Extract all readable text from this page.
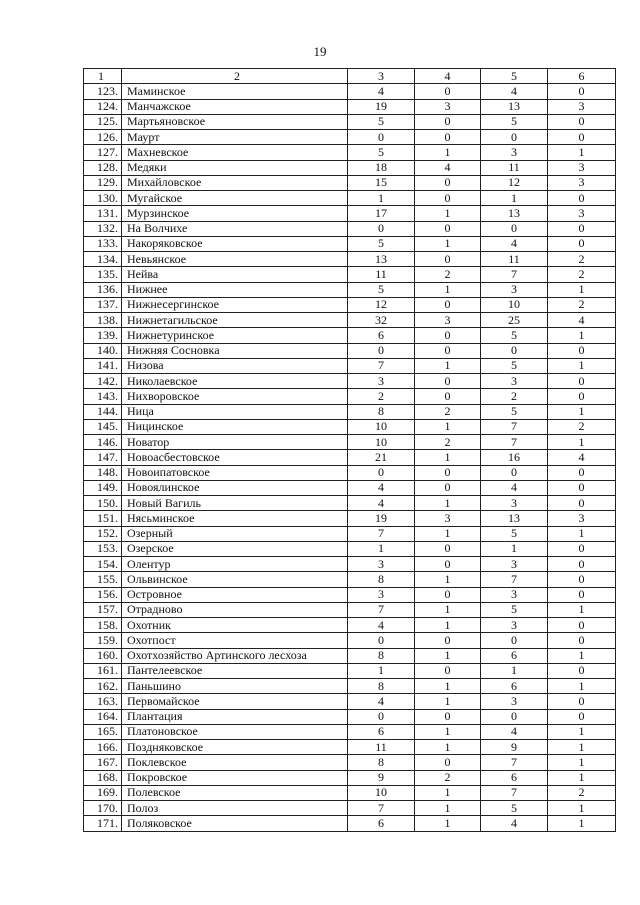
19
1	2	3	4	5	6
123.	Маминское	4	0	4	0
124.	Манчажское	19	3	13	3
125.	Мартьяновское	5	0	5	0
126.	Маурт	0	0	0	0
127.	Махневское	5	1	3	1
128.	Медяки	18	4	11	3
129.	Михайловское	15	0	12	3
130.	Мугайское	1	0	1	0
131.	Мурзинское	17	1	13	3
132.	На Волчихе	0	0	0	0
133.	Накоряковское	5	1	4	0
134.	Невьянское	13	0	11	2
135.	Нейва	11	2	7	2
136.	Нижнее	5	1	3	1
137.	Нижнесергинское	12	0	10	2
138.	Нижнетагильское	32	3	25	4
139.	Нижнетуринское	6	0	5	1
140.	Нижняя Сосновка	0	0	0	0
141.	Низова	7	1	5	1
142.	Николаевское	3	0	3	0
143.	Нихворовское	2	0	2	0
144.	Ница	8	2	5	1
145.	Ницинское	10	1	7	2
146.	Новатор	10	2	7	1
147.	Новоасбестовское	21	1	16	4
148.	Новоипатовское	0	0	0	0
149.	Новоялинское	4	0	4	0
150.	Новый Вагиль	4	1	3	0
151.	Нясьминское	19	3	13	3
152.	Озерный	7	1	5	1
153.	Озерское	1	0	1	0
154.	Олентур	3	0	3	0
155.	Ольвинское	8	1	7	0
156.	Островное	3	0	3	0
157.	Отрадново	7	1	5	1
158.	Охотник	4	1	3	0
159.	Охотпост	0	0	0	0
160.	Охотхозяйство Артинского лесхоза	8	1	6	1
161.	Пантелеевское	1	0	1	0
162.	Паньшино	8	1	6	1
163.	Первомайское	4	1	3	0
164.	Плантация	0	0	0	0
165.	Платоновское	6	1	4	1
166.	Поздняковское	11	1	9	1
167.	Поклевское	8	0	7	1
168.	Покровское	9	2	6	1
169.	Полевское	10	1	7	2
170.	Полоз	7	1	5	1
171.	Поляковское	6	1	4	1
